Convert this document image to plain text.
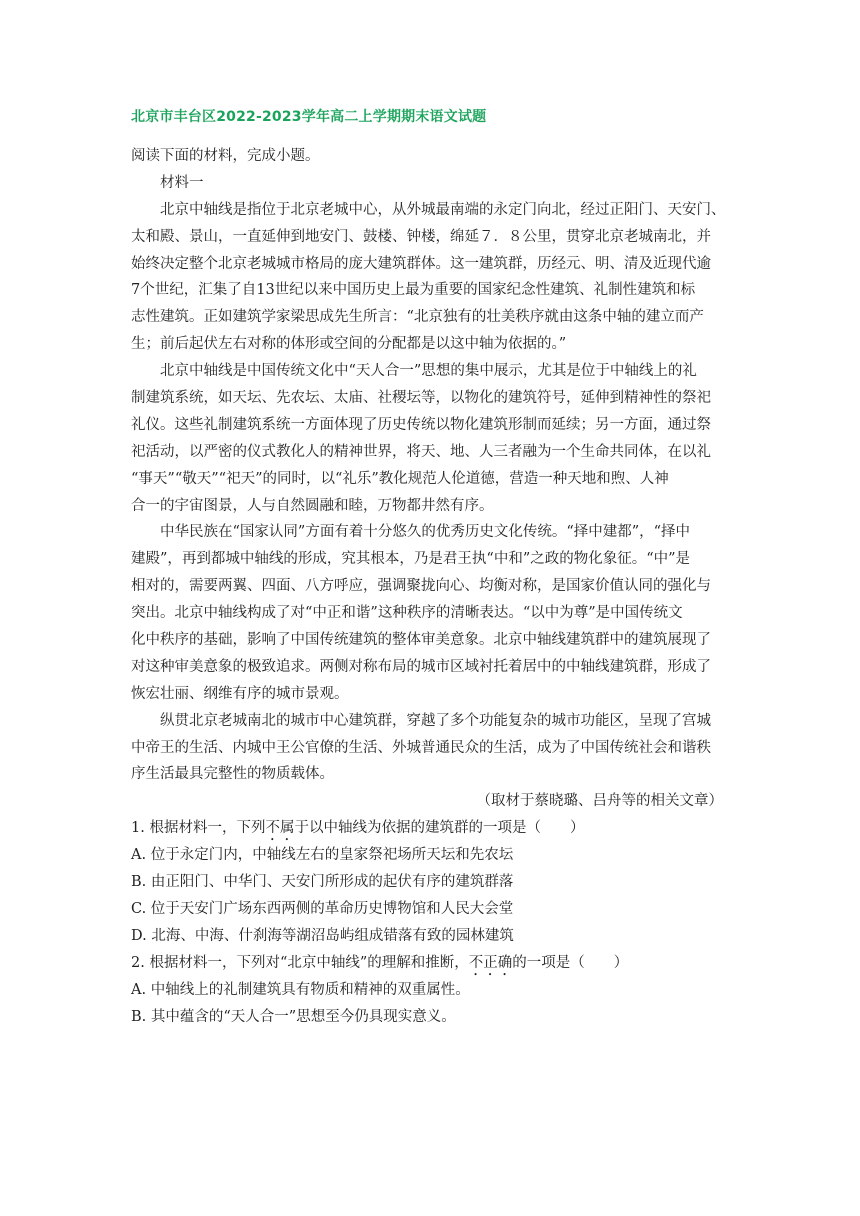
北京市丰台区2022-2023学年高二上学期期末语文试题
阅读下面的材料，完成小题。
材料一
北京中轴线是指位于北京老城中心，从外城最南端的永定门向北，经过正阳门、天安门、
太和殿、景山，一直延伸到地安门、鼓楼、钟楼，绵延７．８公里，贯穿北京老城南北，并
始终决定整个北京老城城市格局的庞大建筑群体。这一建筑群，历经元、明、清及近现代逾
7个世纪，汇集了自13世纪以来中国历史上最为重要的国家纪念性建筑、礼制性建筑和标
志性建筑。正如建筑学家梁思成先生所言：“北京独有的壮美秩序就由这条中轴的建立而产
生；前后起伏左右对称的体形或空间的分配都是以这中轴为依据的。”
北京中轴线是中国传统文化中“天人合一”思想的集中展示，尤其是位于中轴线上的礼
制建筑系统，如天坛、先农坛、太庙、社稷坛等，以物化的建筑符号，延伸到精神性的祭祀
礼仪。这些礼制建筑系统一方面体现了历史传统以物化建筑形制而延续；另一方面，通过祭
祀活动，以严密的仪式教化人的精神世界，将天、地、人三者融为一个生命共同体，在以礼
“事天”“敬天”“祀天”的同时，以“礼乐”教化规范人伦道德，营造一种天地和煦、人神
合一的宇宙图景，人与自然圆融和睦，万物都井然有序。
中华民族在“国家认同”方面有着十分悠久的优秀历史文化传统。“择中建都”，“择中
建殿”，再到都城中轴线的形成，究其根本，乃是君王执“中和”之政的物化象征。“中”是
相对的，需要两翼、四面、八方呼应，强调聚拢向心、均衡对称，是国家价值认同的强化与
突出。北京中轴线构成了对“中正和谐”这种秩序的清晰表达。“以中为尊”是中国传统文
化中秩序的基础，影响了中国传统建筑的整体审美意象。北京中轴线建筑群中的建筑展现了
对这种审美意象的极致追求。两侧对称布局的城市区域衬托着居中的中轴线建筑群，形成了
恢宏壮丽、纲维有序的城市景观。
纵贯北京老城南北的城市中心建筑群，穿越了多个功能复杂的城市功能区，呈现了宫城
中帝王的生活、内城中王公官僚的生活、外城普通民众的生活，成为了中国传统社会和谐秩
序生活最具完整性的物质载体。
（取材于蔡晓璐、吕舟等的相关文章）
1. 根据材料一，下列不属于以中轴线为依据的建筑群的一项是（　　）
A. 位于永定门内，中轴线左右的皇家祭祀场所天坛和先农坛
B. 由正阳门、中华门、天安门所形成的起伏有序的建筑群落
C. 位于天安门广场东西两侧的革命历史博物馆和人民大会堂
D. 北海、中海、什刹海等湖沼岛屿组成错落有致的园林建筑
2. 根据材料一，下列对“北京中轴线”的理解和推断，不正确的一项是（　　）
A. 中轴线上的礼制建筑具有物质和精神的双重属性。
B. 其中蕴含的“天人合一”思想至今仍具现实意义。
